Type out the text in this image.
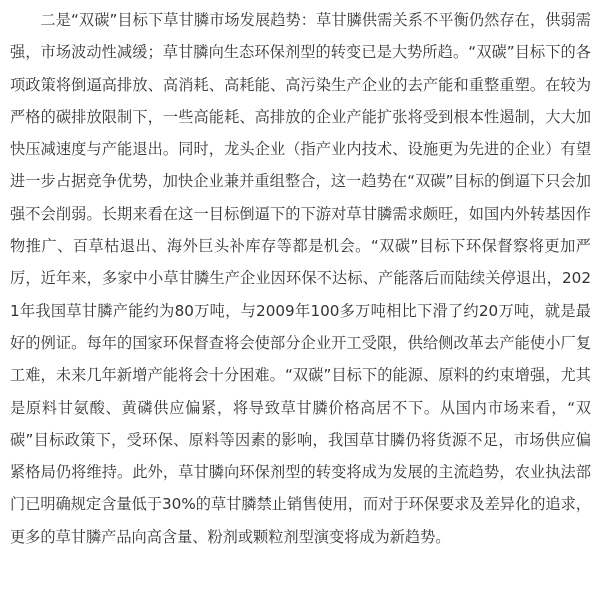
二是“双碳”目标下草甘膦市场发展趋势：草甘膦供需关系不平衡仍然存在，供弱需强，市场波动性减缓；草甘膦向生态环保剂型的转变已是大势所趋。“双碳”目标下的各项政策将倒逼高排放、高消耗、高耗能、高污染生产企业的去产能和重整重塑。在较为严格的碳排放限制下，一些高能耗、高排放的企业产能扩张将受到根本性遏制，大大加快压减速度与产能退出。同时，龙头企业（指产业内技术、设施更为先进的企业）有望进一步占据竞争优势，加快企业兼并重组整合，这一趋势在“双碳”目标的倒逼下只会加强不会削弱。长期来看在这一目标倒逼下的下游对草甘膦需求颇旺，如国内外转基因作物推广、百草枯退出、海外巨头补库存等都是机会。“双碳”目标下环保督察将更加严厉，近年来，多家中小草甘膦生产企业因环保不达标、产能落后而陆续关停退出，2021年我国草甘膦产能约为80万吨，与2009年100多万吨相比下滑了约20万吨，就是最好的例证。每年的国家环保督查将会使部分企业开工受限，供给侧改革去产能使小厂复工难，未来几年新增产能将会十分困难。“双碳”目标下的能源、原料的约束增强，尤其是原料甘氨酸、黄磷供应偏紧，将导致草甘膦价格高居不下。从国内市场来看，“双碳”目标政策下，受环保、原料等因素的影响，我国草甘膦仍将货源不足，市场供应偏紧格局仍将维持。此外，草甘膦向环保剂型的转变将成为发展的主流趋势，农业执法部门已明确规定含量低于30%的草甘膦禁止销售使用，而对于环保要求及差异化的追求，更多的草甘膦产品向高含量、粉剂或颗粒剂型演变将成为新趋势。
